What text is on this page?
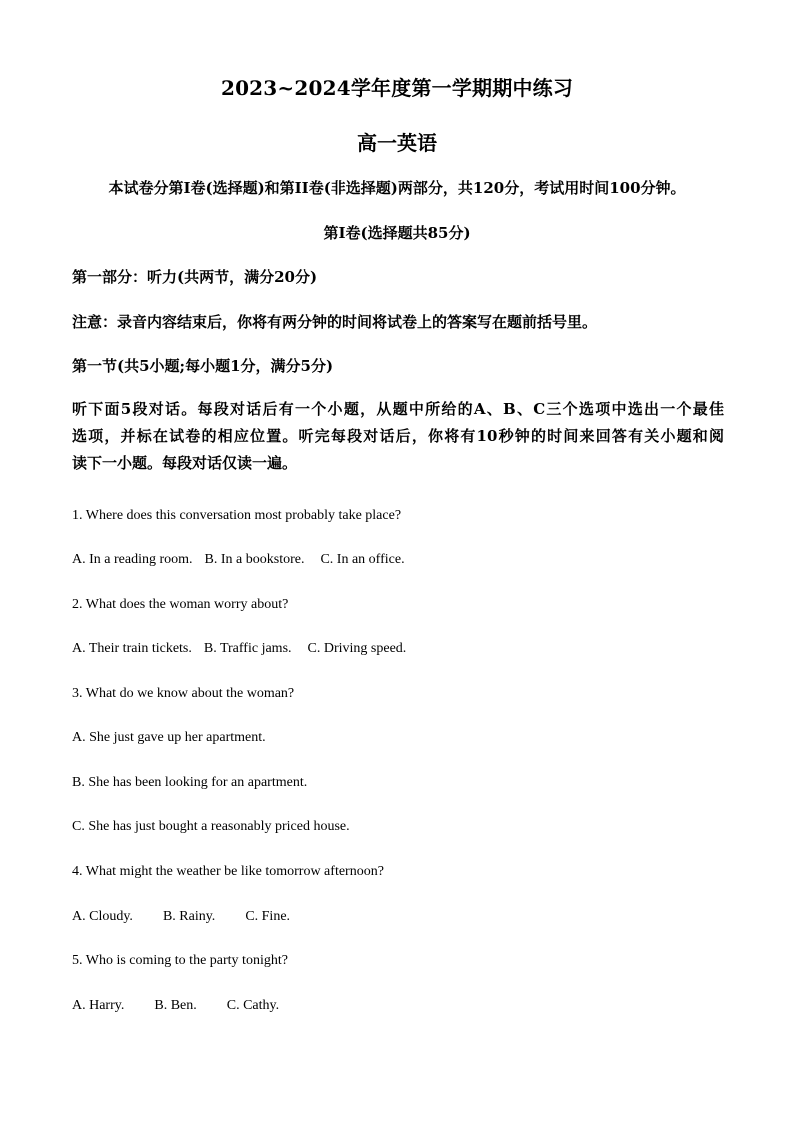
2023~2024学年度第一学期期中练习
高一英语
本试卷分第I卷(选择题)和第II卷(非选择题)两部分，共120分，考试用时间100分钟。
第I卷(选择题共85分)
第一部分：听力(共两节，满分20分)
注意：录音内容结束后，你将有两分钟的时间将试卷上的答案写在题前括号里。
第一节(共5小题;每小题1分，满分5分)
听下面5段对话。每段对话后有一个小题，从题中所给的A、B、C三个选项中选出一个最佳
选项，并标在试卷的相应位置。听完每段对话后，你将有10秒钟的时间来回答有关小题和阅
读下一小题。每段对话仅读一遍。
1. Where does this conversation most probably take place?
A. In a reading room. B. In a bookstore. C. In an office.
2. What does the woman worry about?
A. Their train tickets. B. Traffic jams. C. Driving speed.
3. What do we know about the woman?
A. She just gave up her apartment.
B. She has been looking for an apartment.
C. She has just bought a reasonably priced house.
4. What might the weather be like tomorrow afternoon?
A. Cloudy. B. Rainy. C. Fine.
5. Who is coming to the party tonight?
A. Harry. B. Ben. C. Cathy.
